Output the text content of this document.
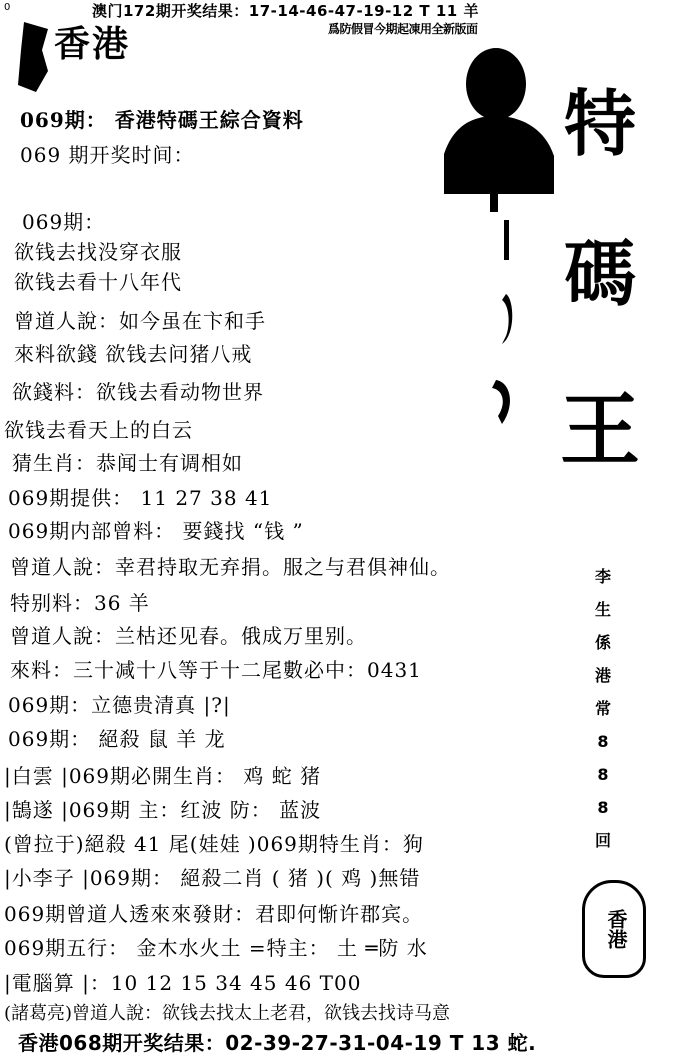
0	澳门172期开奖结果：17-14-46-47-19-12 T 11 羊
爲防假冒今期起凍用全新版面
香港
069期： 香港特碼王綜合資料
069 期开奖时间：
069期：
欲钱去找没穿衣服
欲钱去看十八年代
曾道人說：如今虽在卞和手
來料欲錢 欲钱去问猪八戒
欲錢料：欲钱去看动物世界
欲钱去看天上的白云
猜生肖：恭闻士有调相如
069期提供： 11 27 38 41
069期内部曾料： 要錢找 “钱 ”
曾道人說：幸君持取无弃捐。服之与君俱神仙。
特别料：36 羊
曾道人說：兰枯还见春。俄成万里别。
來料：三十减十八等于十二尾數必中：0431
069期：立德贵清真 |?|
069期： 絕殺 鼠 羊 龙
|白雲 |069期必開生肖： 鸡 蛇 猪
|鵠遂 |069期 主：红波 防： 蓝波
(曾拉于)絕殺 41 尾(娃娃 )069期特生肖：狗
|小李子 |069期： 絕殺二肖 ( 猪 )( 鸡 )無错
069期曾道人透來來發財：君即何惭许郡宾。
069期五行： 金木水火土 =特主： 土 ═防 水
|電腦算 |：10 12 15 34 45 46 T00
(諸葛亮)曾道人說：欲钱去找太上老君，欲钱去找诗马意
特
碼
王
李
生
係
港
常
8
8
8
回
香港
香港068期开奖结果：02-39-27-31-04-19 T 13 蛇.
